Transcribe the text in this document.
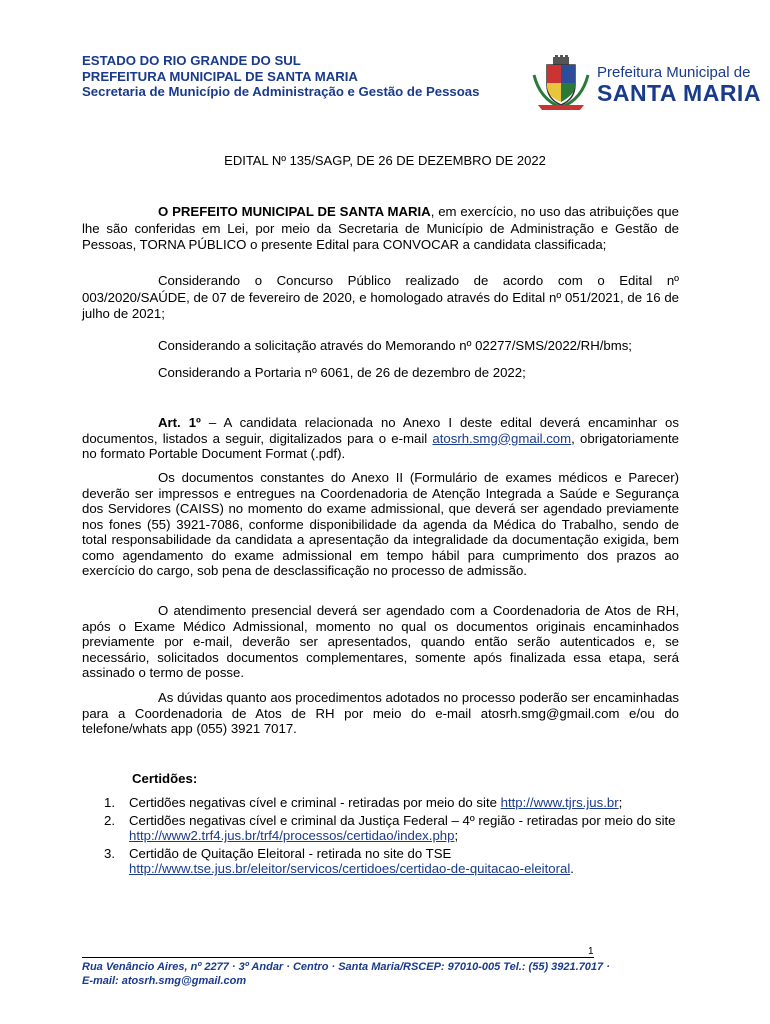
ESTADO DO RIO GRANDE DO SUL
PREFEITURA MUNICIPAL DE SANTA MARIA
Secretaria de Município de Administração e Gestão de Pessoas
Prefeitura Municipal de
SANTA MARIA
EDITAL Nº 135/SAGP, DE 26 DE DEZEMBRO DE 2022
O PREFEITO MUNICIPAL DE SANTA MARIA, em exercício, no uso das atribuições que lhe são conferidas em Lei, por meio da Secretaria de Município de Administração e Gestão de Pessoas, TORNA PÚBLICO o presente Edital para CONVOCAR a candidata classificada;
Considerando o Concurso Público realizado de acordo com o Edital nº 003/2020/SAÚDE, de 07 de fevereiro de 2020, e homologado através do Edital nº 051/2021, de 16 de julho de 2021;
Considerando a solicitação através do Memorando nº 02277/SMS/2022/RH/bms;
Considerando a Portaria nº 6061, de 26 de dezembro de 2022;
Art. 1º – A candidata relacionada no Anexo I deste edital deverá encaminhar os documentos, listados a seguir, digitalizados para o e-mail atosrh.smg@gmail.com, obrigatoriamente no formato Portable Document Format (.pdf).
Os documentos constantes do Anexo II (Formulário de exames médicos e Parecer) deverão ser impressos e entregues na Coordenadoria de Atenção Integrada a Saúde e Segurança dos Servidores (CAISS) no momento do exame admissional, que deverá ser agendado previamente nos fones (55) 3921-7086, conforme disponibilidade da agenda da Médica do Trabalho, sendo de total responsabilidade da candidata a apresentação da integralidade da documentação exigida, bem como agendamento do exame admissional em tempo hábil para cumprimento dos prazos ao exercício do cargo, sob pena de desclassificação no processo de admissão.
O atendimento presencial deverá ser agendado com a Coordenadoria de Atos de RH, após o Exame Médico Admissional, momento no qual os documentos originais encaminhados previamente por e-mail, deverão ser apresentados, quando então serão autenticados e, se necessário, solicitados documentos complementares, somente após finalizada essa etapa, será assinado o termo de posse.
As dúvidas quanto aos procedimentos adotados no processo poderão ser encaminhadas para a Coordenadoria de Atos de RH por meio do e-mail atosrh.smg@gmail.com e/ou do telefone/whats app (055) 3921 7017.
Certidões:
1. Certidões negativas cível e criminal - retiradas por meio do site http://www.tjrs.jus.br;
2. Certidões negativas cível e criminal da Justiça Federal – 4º região - retiradas por meio do site http://www2.trf4.jus.br/trf4/processos/certidao/index.php;
3. Certidão de Quitação Eleitoral - retirada no site do TSE
http://www.tse.jus.br/eleitor/servicos/certidoes/certidao-de-quitacao-eleitoral.
1
Rua Venâncio Aires, nº 2277 · 3º Andar · Centro · Santa Maria/RSCEP: 97010-005 Tel.: (55) 3921.7017 ·
E-mail: atosrh.smg@gmail.com
